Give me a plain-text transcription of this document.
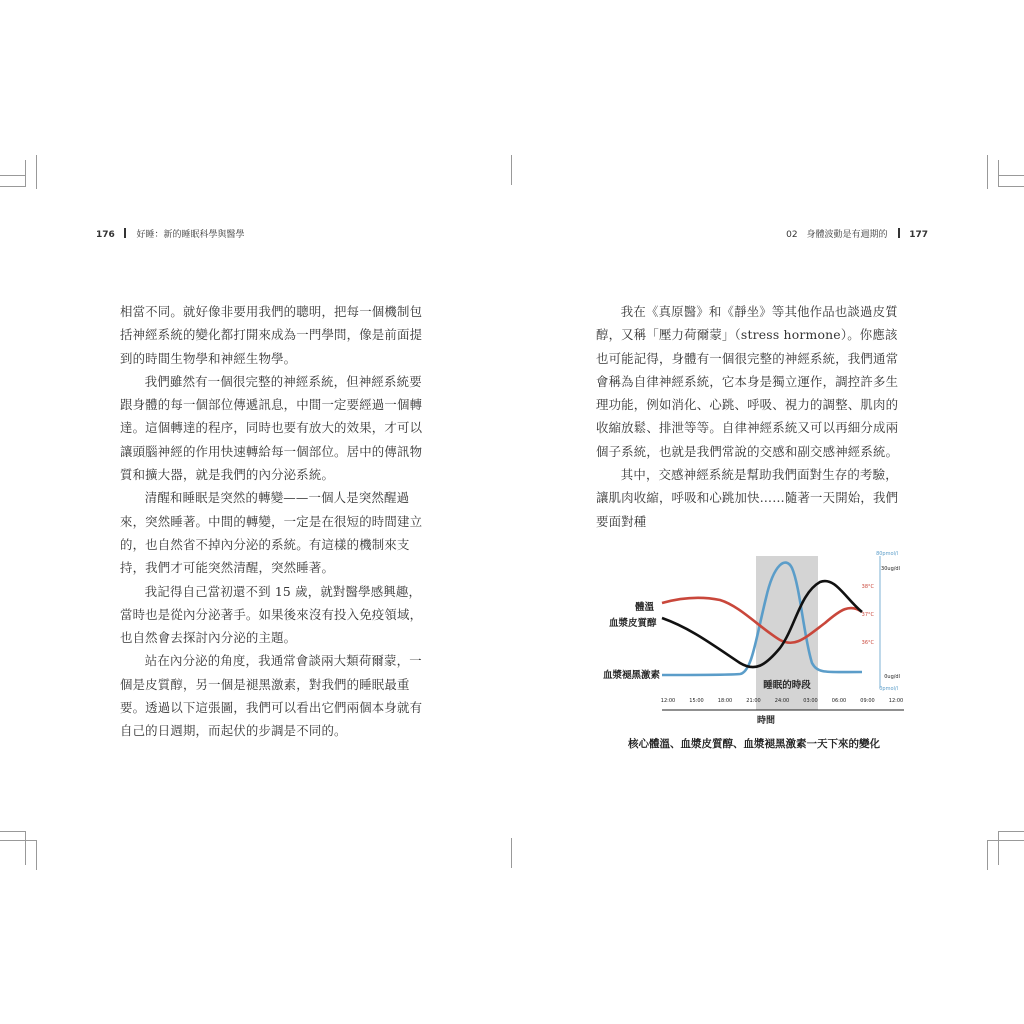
176 好睡：新的睡眠科學與醫學	02 身體波動是有週期的 177

相當不同。就好像非要用我們的聰明，把每一個機制包括神經系統的變化都打開來成為一門學問，像是前面提到的時間生物學和神經生物學。

我們雖然有一個很完整的神經系統，但神經系統要跟身體的每一個部位傳遞訊息，中間一定要經過一個轉達。這個轉達的程序，同時也要有放大的效果，才可以讓頭腦神經的作用快速轉給每一個部位。居中的傳訊物質和擴大器，就是我們的內分泌系統。

清醒和睡眠是突然的轉變——一個人是突然醒過來，突然睡著。中間的轉變，一定是在很短的時間建立的，也自然省不掉內分泌的系統。有這樣的機制來支持，我們才可能突然清醒，突然睡著。

我記得自己當初還不到 15 歲，就對醫學感興趣，當時也是從內分泌著手。如果後來沒有投入免疫領域，也自然會去探討內分泌的主題。

站在內分泌的角度，我通常會談兩大類荷爾蒙，一個是皮質醇，另一個是褪黑激素，對我們的睡眠最重要。透過以下這張圖，我們可以看出它們兩個本身就有自己的日週期，而起伏的步調是不同的。

我在《真原醫》和《靜坐》等其他作品也談過皮質醇，又稱「壓力荷爾蒙」（stress hormone）。你應該也可能記得，身體有一個很完整的神經系統，我們通常會稱為自律神經系統，它本身是獨立運作，調控許多生理功能，例如消化、心跳、呼吸、視力的調整、肌肉的收縮放鬆、排泄等等。自律神經系統又可以再細分成兩個子系統，也就是我們常說的交感和副交感神經系統。

其中，交感神經系統是幫助我們面對生存的考驗，讓肌肉收縮，呼吸和心跳加快……隨著一天開始，我們要面對種

體溫
血漿皮質醇
血漿褪黑激素
睡眠的時段
12:00	15:00	18:00	21:00	24:00	03:00	06:00	09:00	12:00
80pmol/l
30ug/dl
38°C
37°C
36°C
0ug/dl
0pmol/l
時間
核心體溫、血漿皮質醇、血漿褪黑激素一天下來的變化
